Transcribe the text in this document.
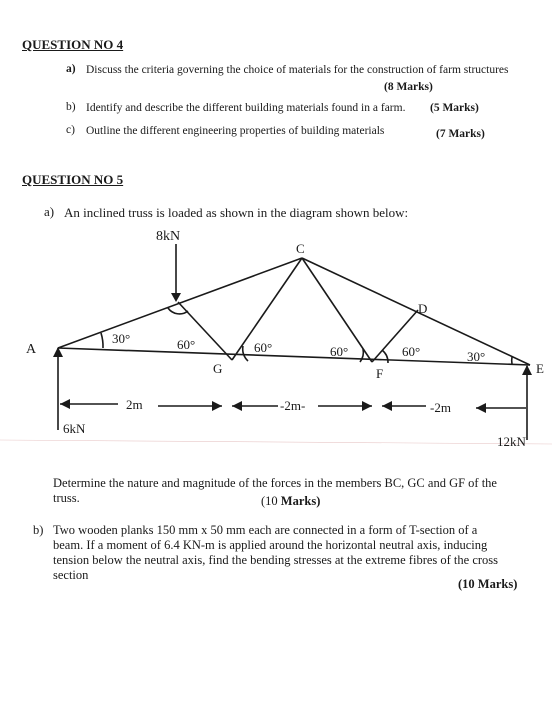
QUESTION NO 4
a) Discuss the criteria governing the choice of materials for the construction of farm structures
(8 Marks)
b) Identify and describe the different building materials found in a farm. (5 Marks)
c) Outline the different engineering properties of building materials	(7 Marks)
QUESTION NO 5
a) An inclined truss is loaded as shown in the diagram shown below:
8kN
A
C
D
E
F
G
30°	60°	60°	60°	60°	30°
2m	-2m-	-2m
6kN
12kN
Determine the nature and magnitude of the forces in the members BC, GC and GF of the
truss.	(10 Marks)
b) Two wooden planks 150 mm x 50 mm each are connected in a form of T-section of a
beam. If a moment of 6.4 KN-m is applied around the horizontal neutral axis, inducing
tension below the neutral axis, find the bending stresses at the extreme fibres of the cross
section
(10 Marks)
